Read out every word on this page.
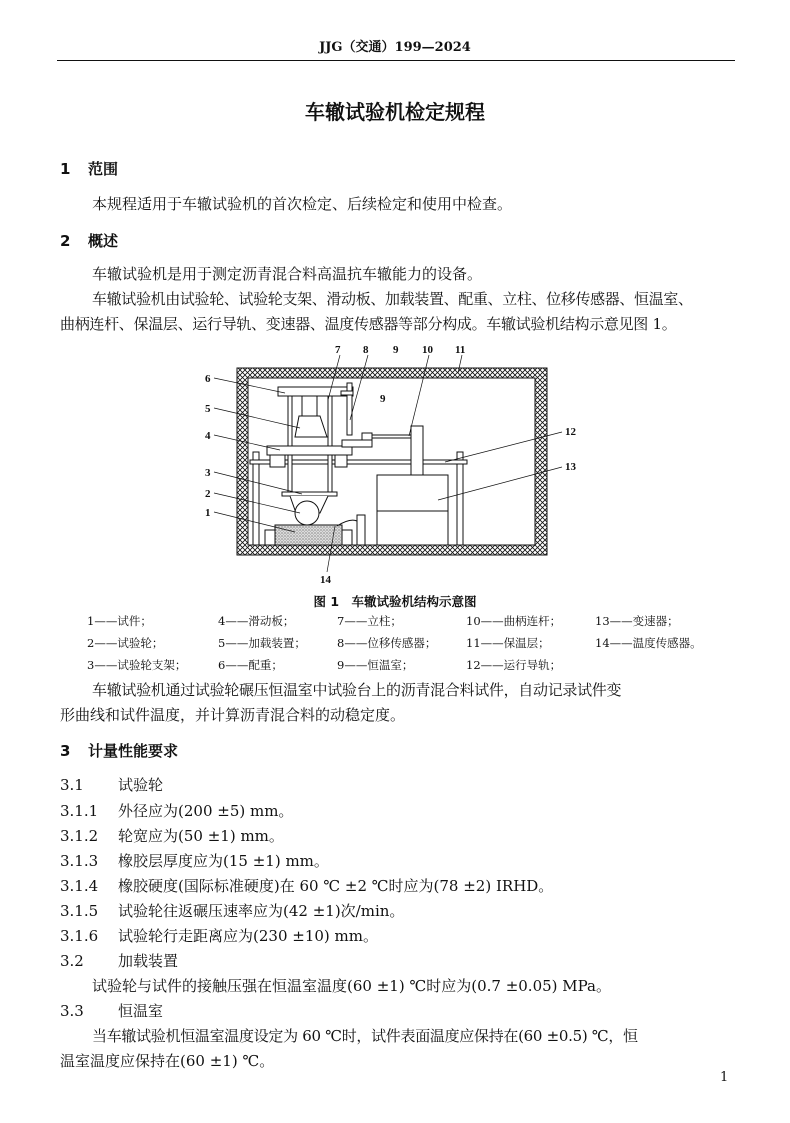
JJG（交通）199—2024
车辙试验机检定规程
1 范围
本规程适用于车辙试验机的首次检定、后续检定和使用中检查。
2 概述
车辙试验机是用于测定沥青混合料高温抗车辙能力的设备。
车辙试验机由试验轮、试验轮支架、滑动板、加载装置、配重、立柱、位移传感器、恒温室、
曲柄连杆、保温层、运行导轨、变速器、温度传感器等部分构成。车辙试验机结构示意见图 1。
6
5
4
3
2
1
7 8 9
9
10 11
12
13
14
图 1　车辙试验机结构示意图
1——试件；	4——滑动板；	7——立柱；	10——曲柄连杆；	13——变速器；
2——试验轮；	5——加载装置；	8——位移传感器；	11——保温层；	14——温度传感器。
3——试验轮支架；	6——配重；	9——恒温室；	12——运行导轨；
车辙试验机通过试验轮碾压恒温室中试验台上的沥青混合料试件，自动记录试件变
形曲线和试件温度，并计算沥青混合料的动稳定度。
3 计量性能要求
3.1 试验轮
3.1.1 外径应为(200 ±5) mm。
3.1.2 轮宽应为(50 ±1) mm。
3.1.3 橡胶层厚度应为(15 ±1) mm。
3.1.4 橡胶硬度(国际标准硬度)在 60 ℃ ±2 ℃时应为(78 ±2) IRHD。
3.1.5 试验轮往返碾压速率应为(42 ±1)次/min。
3.1.6 试验轮行走距离应为(230 ±10) mm。
3.2 加载装置
试验轮与试件的接触压强在恒温室温度(60 ±1) ℃时应为(0.7 ±0.05) MPa。
3.3 恒温室
当车辙试验机恒温室温度设定为 60 ℃时，试件表面温度应保持在(60 ±0.5) ℃，恒
温室温度应保持在(60 ±1) ℃。
1
